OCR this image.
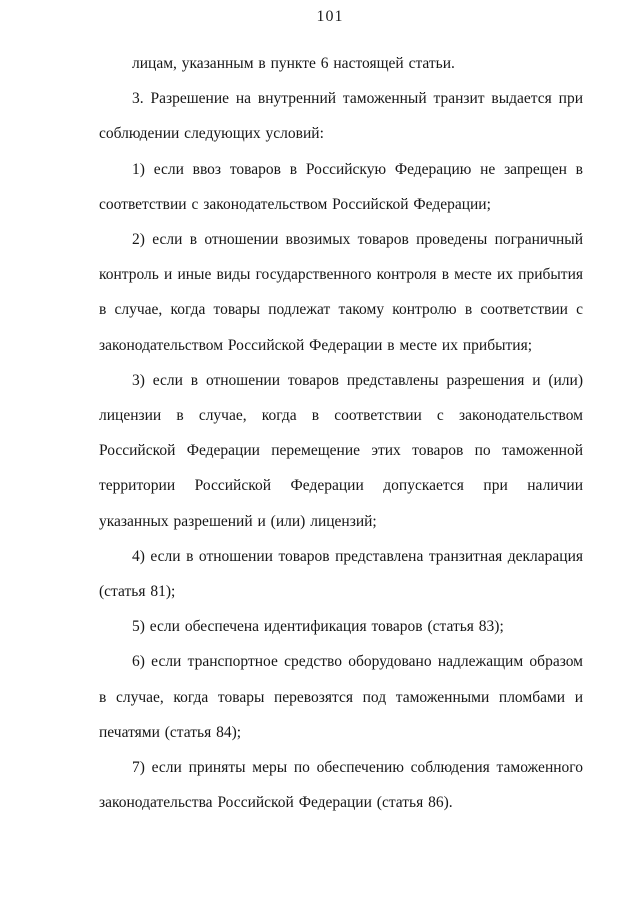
101

лицам, указанным в пункте 6 настоящей статьи.

3. Разрешение на внутренний таможенный транзит выдается при соблюдении следующих условий:

1) если ввоз товаров в Российскую Федерацию не запрещен в соответствии с законодательством Российской Федерации;

2) если в отношении ввозимых товаров проведены пограничный контроль и иные виды государственного контроля в месте их прибытия в случае, когда товары подлежат такому контролю в соответствии с законодательством Российской Федерации в месте их прибытия;

3) если в отношении товаров представлены разрешения и (или) лицензии в случае, когда в соответствии с законодательством Российской Федерации перемещение этих товаров по таможенной территории Российской Федерации допускается при наличии указанных разрешений и (или) лицензий;

4) если в отношении товаров представлена транзитная декларация (статья 81);

5) если обеспечена идентификация товаров (статья 83);

6) если транспортное средство оборудовано надлежащим образом в случае, когда товары перевозятся под таможенными пломбами и печатями (статья 84);

7) если приняты меры по обеспечению соблюдения таможенного законодательства Российской Федерации (статья 86).
